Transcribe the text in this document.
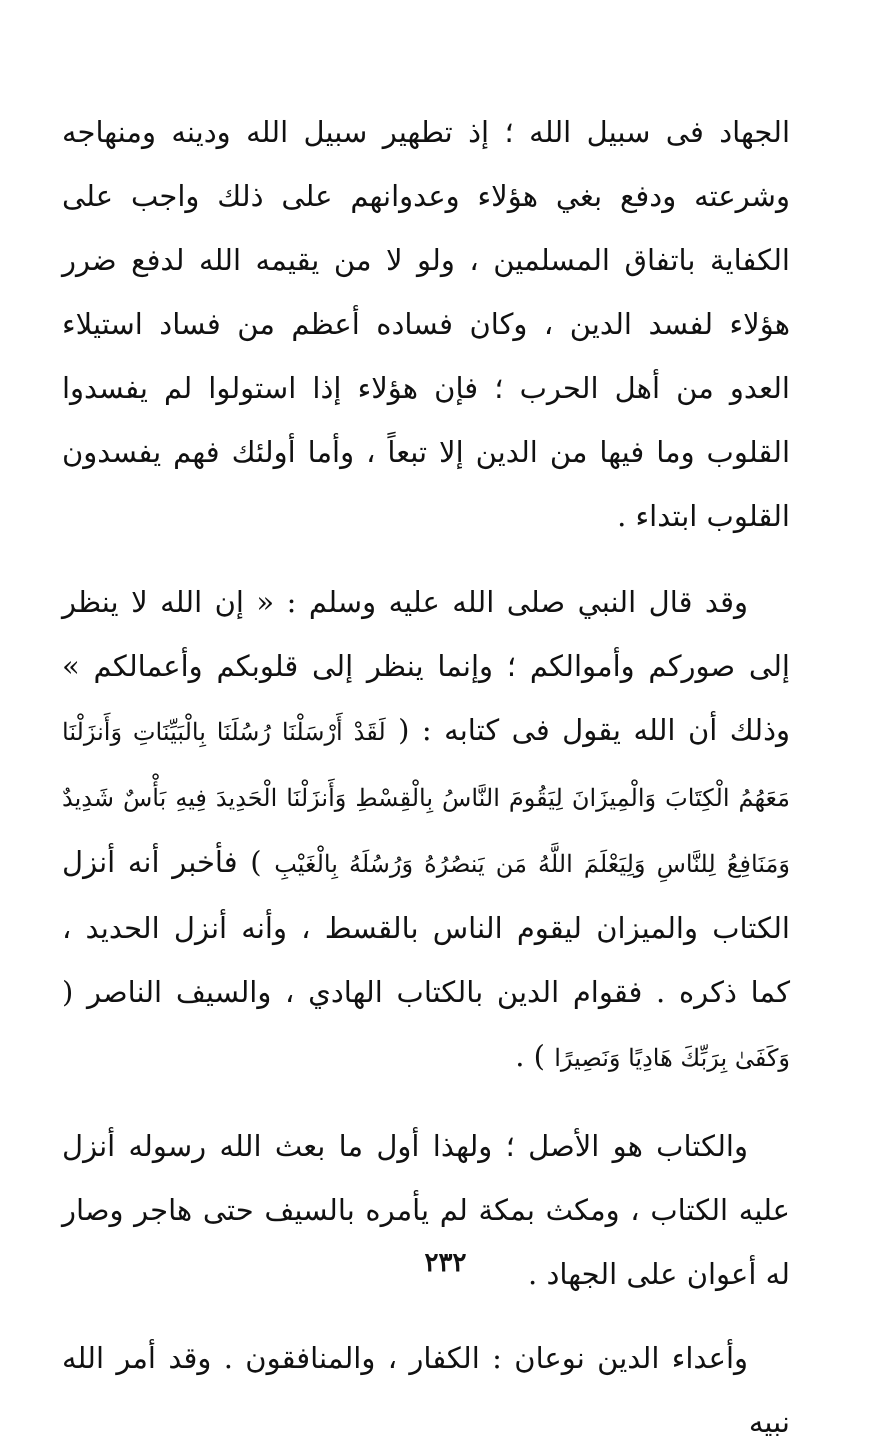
الجهاد فى سبيل الله ؛ إذ تطهير سبيل الله ودينه ومنهاجه وشرعته ودفع بغي هؤلاء وعدوانهم على ذلك واجب على الكفاية باتفاق المسلمين ، ولو لا من يقيمه الله لدفع ضرر هؤلاء لفسد الدين ، وكان فساده أعظم من فساد استيلاء العدو من أهل الحرب ؛ فإن هؤلاء إذا استولوا لم يفسدوا القلوب وما فيها من الدين إلا تبعاً ، وأما أولئك فهم يفسدون القلوب ابتداء .

وقد قال النبي صلى الله عليه وسلم : « إن الله لا ينظر إلى صوركم وأموالكم ؛ وإنما ينظر إلى قلوبكم وأعمالكم » وذلك أن الله يقول فى كتابه : ( لَقَدْ أَرْسَلْنَا رُسُلَنَا بِالْبَيِّنَاتِ وَأَنزَلْنَا مَعَهُمُ الْكِتَابَ وَالْمِيزَانَ لِيَقُومَ النَّاسُ بِالْقِسْطِ وَأَنزَلْنَا الْحَدِيدَ فِيهِ بَأْسٌ شَدِيدٌ وَمَنَافِعُ لِلنَّاسِ وَلِيَعْلَمَ اللَّهُ مَن يَنصُرُهُ وَرُسُلَهُ بِالْغَيْبِ ) فأخبر أنه أنزل الكتاب والميزان ليقوم الناس بالقسط ، وأنه أنزل الحديد ، كما ذكره . فقوام الدين بالكتاب الهادي ، والسيف الناصر ( وَكَفَىٰ بِرَبِّكَ هَادِيًا وَنَصِيرًا ) .

والكتاب هو الأصل ؛ ولهذا أول ما بعث الله رسوله أنزل عليه الكتاب ، ومكث بمكة لم يأمره بالسيف حتى هاجر وصار له أعوان على الجهاد .

وأعداء الدين نوعان : الكفار ، والمنافقون . وقد أمر الله نبيه

٢٣٢
